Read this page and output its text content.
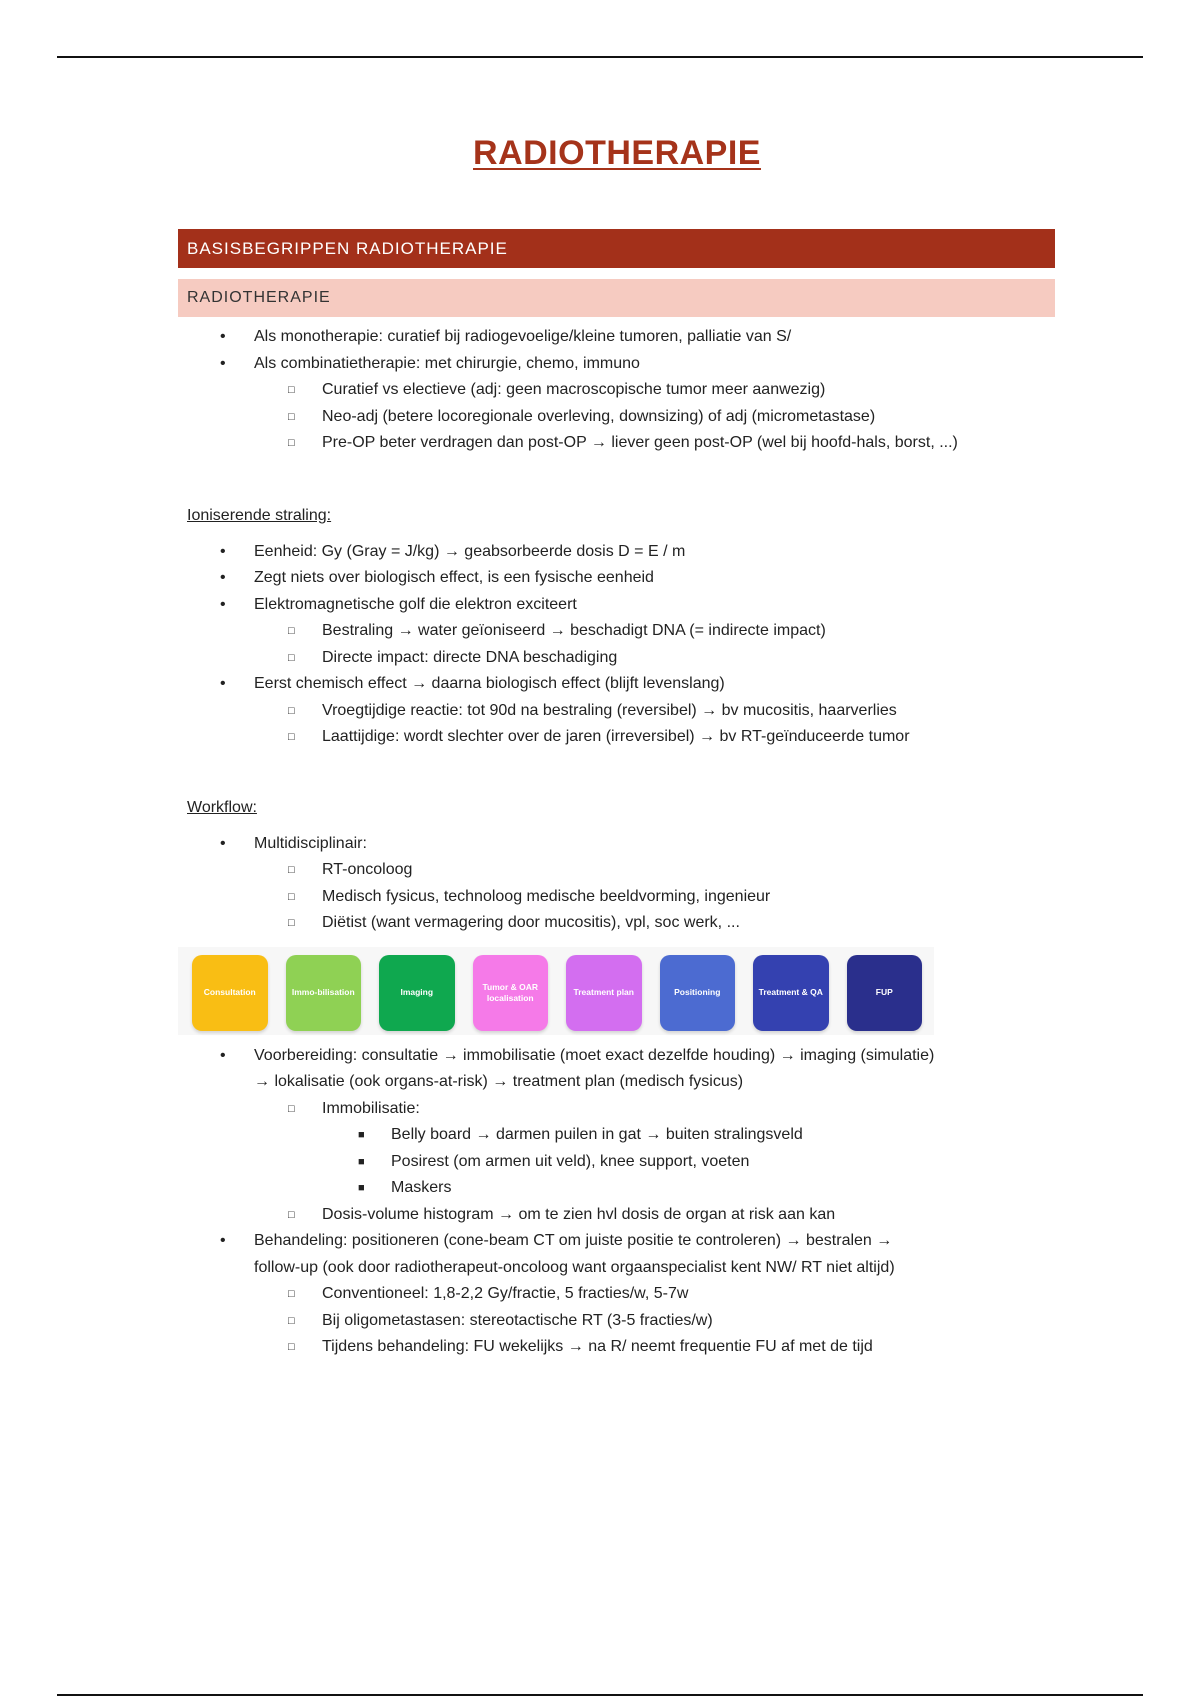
RADIOTHERAPIE
BASISBEGRIPPEN RADIOTHERAPIE
RADIOTHERAPIE
• Als monotherapie: curatief bij radiogevoelige/kleine tumoren, palliatie van S/
• Als combinatietherapie: met chirurgie, chemo, immuno
□ Curatief vs electieve (adj: geen macroscopische tumor meer aanwezig)
□ Neo-adj (betere locoregionale overleving, downsizing) of adj (micrometastase)
□ Pre-OP beter verdragen dan post-OP → liever geen post-OP (wel bij hoofd-hals, borst, ...)
Ioniserende straling:
• Eenheid: Gy (Gray = J/kg) → geabsorbeerde dosis D = E / m
• Zegt niets over biologisch effect, is een fysische eenheid
• Elektromagnetische golf die elektron exciteert
□ Bestraling → water geïoniseerd → beschadigt DNA (= indirecte impact)
□ Directe impact: directe DNA beschadiging
• Eerst chemisch effect → daarna biologisch effect (blijft levenslang)
□ Vroegtijdige reactie: tot 90d na bestraling (reversibel) → bv mucositis, haarverlies
□ Laattijdige: wordt slechter over de jaren (irreversibel) → bv RT-geïnduceerde tumor
Workflow:
• Multidisciplinair:
□ RT-oncoloog
□ Medisch fysicus, technoloog medische beeldvorming, ingenieur
□ Diëtist (want vermagering door mucositis), vpl, soc werk, ...
Consultation	Immo-bilisation	Imaging
Tumor & OAR localisation
Treatment plan	Positioning	Treatment & QA	FUP
• Voorbereiding: consultatie → immobilisatie (moet exact dezelfde houding) → imaging (simulatie)
→ lokalisatie (ook organs-at-risk) → treatment plan (medisch fysicus)
□ Immobilisatie:
■ Belly board → darmen puilen in gat → buiten stralingsveld
■ Posirest (om armen uit veld), knee support, voeten
■ Maskers
□ Dosis-volume histogram → om te zien hvl dosis de organ at risk aan kan
• Behandeling: positioneren (cone-beam CT om juiste positie te controleren) → bestralen →
follow-up (ook door radiotherapeut-oncoloog want orgaanspecialist kent NW/ RT niet altijd)
□ Conventioneel: 1,8-2,2 Gy/fractie, 5 fracties/w, 5-7w
□ Bij oligometastasen: stereotactische RT (3-5 fracties/w)
□ Tijdens behandeling: FU wekelijks → na R/ neemt frequentie FU af met de tijd
